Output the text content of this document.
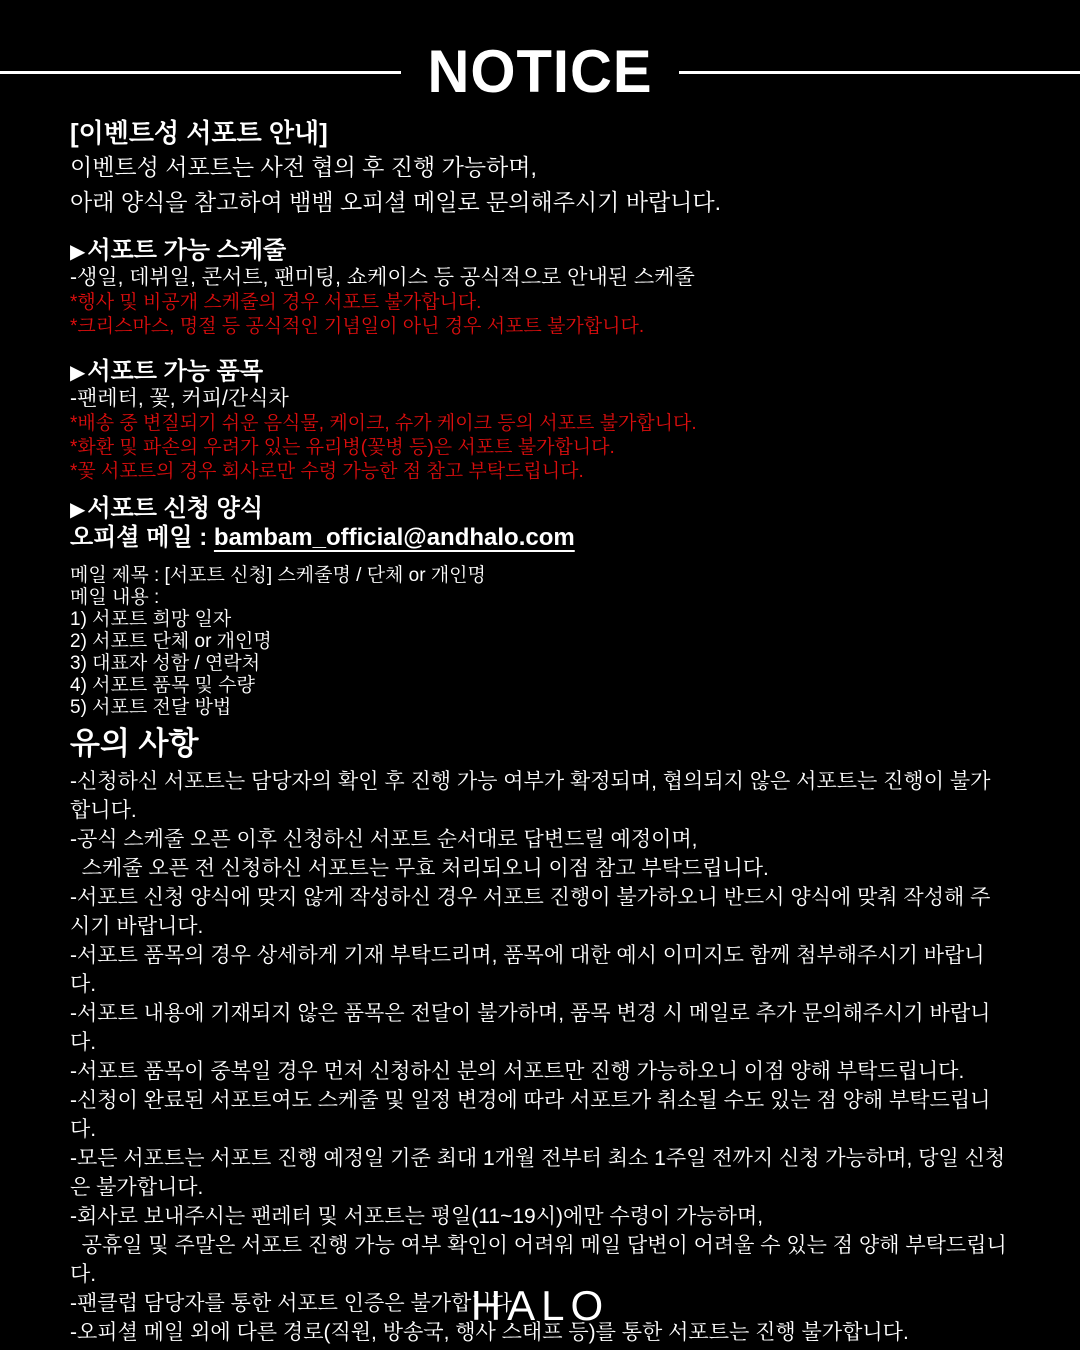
NOTICE
[이벤트성 서포트 안내]
이벤트성 서포트는 사전 협의 후 진행 가능하며,
아래 양식을 참고하여 뱀뱀 오피셜 메일로 문의해주시기 바랍니다.
▶ 서포트 가능 스케줄
-생일, 데뷔일, 콘서트, 팬미팅, 쇼케이스 등 공식적으로 안내된 스케줄
*행사 및 비공개 스케줄의 경우 서포트 불가합니다.
*크리스마스, 명절 등 공식적인 기념일이 아닌 경우 서포트 불가합니다.
▶ 서포트 가능 품목
-팬레터, 꽃, 커피/간식차
*배송 중 변질되기 쉬운 음식물, 케이크, 슈가 케이크 등의 서포트 불가합니다.
*화환 및 파손의 우려가 있는 유리병(꽃병 등)은 서포트 불가합니다.
*꽃 서포트의 경우 회사로만 수령 가능한 점 참고 부탁드립니다.
▶ 서포트 신청 양식
오피셜 메일 : bambam_official@andhalo.com
메일 제목 : [서포트 신청] 스케줄명 / 단체 or 개인명
메일 내용 :
1) 서포트 희망 일자
2) 서포트 단체 or 개인명
3) 대표자 성함 / 연락처
4) 서포트 품목 및 수량
5) 서포트 전달 방법
유의 사항
-신청하신 서포트는 담당자의 확인 후 진행 가능 여부가 확정되며, 협의되지 않은 서포트는 진행이 불가합니다.
-공식 스케줄 오픈 이후 신청하신 서포트 순서대로 답변드릴 예정이며,
스케줄 오픈 전 신청하신 서포트는 무효 처리되오니 이점 참고 부탁드립니다.
-서포트 신청 양식에 맞지 않게 작성하신 경우 서포트 진행이 불가하오니 반드시 양식에 맞춰 작성해 주시기 바랍니다.
-서포트 품목의 경우 상세하게 기재 부탁드리며, 품목에 대한 예시 이미지도 함께 첨부해주시기 바랍니다.
-서포트 내용에 기재되지 않은 품목은 전달이 불가하며, 품목 변경 시 메일로 추가 문의해주시기 바랍니다.
-서포트 품목이 중복일 경우 먼저 신청하신 분의 서포트만 진행 가능하오니 이점 양해 부탁드립니다.
-신청이 완료된 서포트여도 스케줄 및 일정 변경에 따라 서포트가 취소될 수도 있는 점 양해 부탁드립니다.
-모든 서포트는 서포트 진행 예정일 기준 최대 1개월 전부터 최소 1주일 전까지 신청 가능하며, 당일 신청은 불가합니다.
-회사로 보내주시는 팬레터 및 서포트는 평일(11~19시)에만 수령이 가능하며,
공휴일 및 주말은 서포트 진행 가능 여부 확인이 어려워 메일 답변이 어려울 수 있는 점 양해 부탁드립니다.
-팬클럽 담당자를 통한 서포트 인증은 불가합니다.
-오피셜 메일 외에 다른 경로(직원, 방송국, 행사 스태프 등)를 통한 서포트는 진행 불가합니다.
HALO
